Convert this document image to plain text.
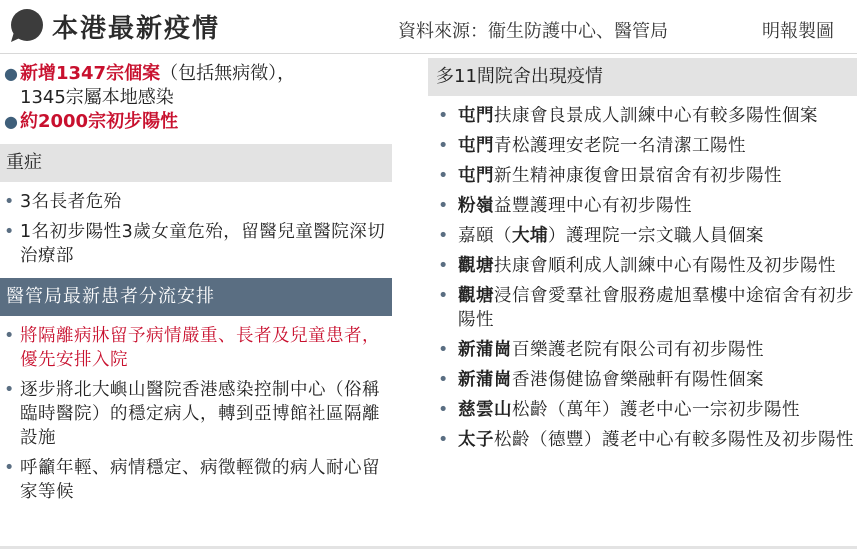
本港最新疫情	資料來源：衞生防護中心、醫管局	明報製圖
● 新增1347宗個案（包括無病徵），
1345宗屬本地感染
● 約2000宗初步陽性
重症
• 3名長者危殆
• 1名初步陽性3歲女童危殆，留醫兒童醫院深切治療部
醫管局最新患者分流安排
• 將隔離病牀留予病情嚴重、長者及兒童患者，優先安排入院
• 逐步將北大嶼山醫院香港感染控制中心（俗稱臨時醫院）的穩定病人，轉到亞博館社區隔離設施
• 呼籲年輕、病情穩定、病徵輕微的病人耐心留家等候
多11間院舍出現疫情
• 屯門扶康會良景成人訓練中心有較多陽性個案
• 屯門青松護理安老院一名清潔工陽性
• 屯門新生精神康復會田景宿舍有初步陽性
• 粉嶺益豐護理中心有初步陽性
• 嘉頤（大埔）護理院一宗文職人員個案
• 觀塘扶康會順利成人訓練中心有陽性及初步陽性
• 觀塘浸信會愛羣社會服務處旭羣樓中途宿舍有初步陽性
• 新蒲崗百樂護老院有限公司有初步陽性
• 新蒲崗香港傷健協會樂融軒有陽性個案
• 慈雲山松齡（萬年）護老中心一宗初步陽性
• 太子松齡（德豐）護老中心有較多陽性及初步陽性
